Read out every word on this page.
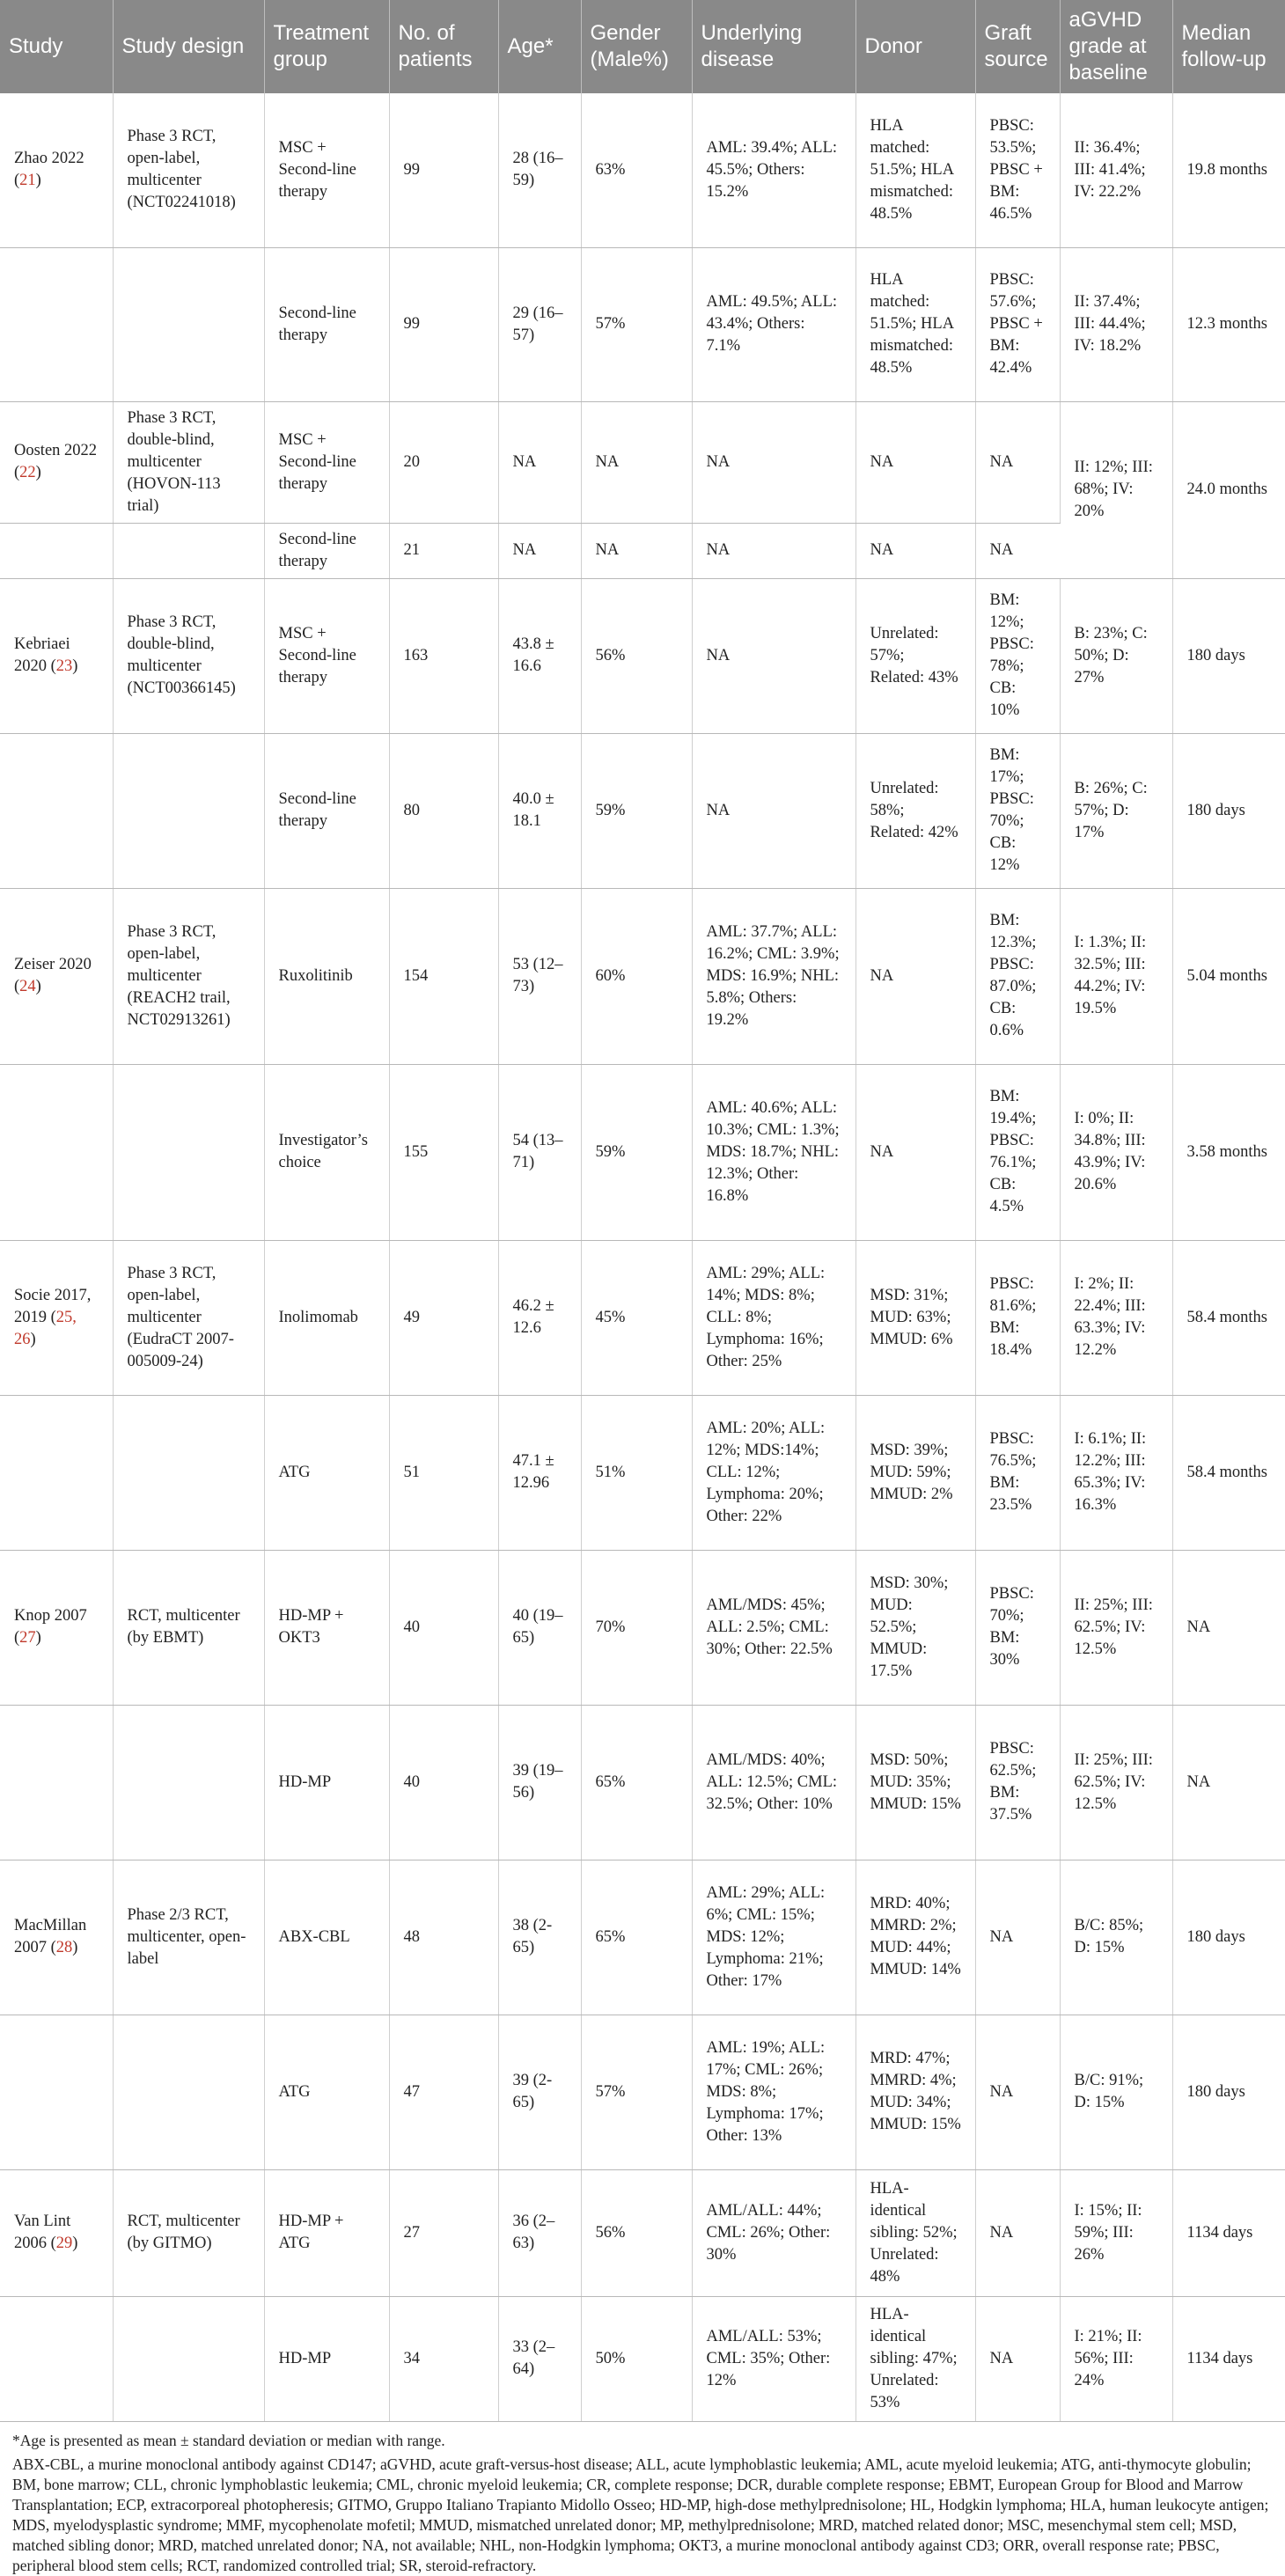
Study	Study design	Treatment group	No. of patients	Age*	Gender (Male%)	Underlying disease	Donor	Graft source	aGVHD grade at baseline	Median follow-up
Zhao 2022 (21)	Phase 3 RCT, open-label, multicenter (NCT02241018)	MSC + Second-line therapy	99	28 (16–59)	63%	AML: 39.4%; ALL: 45.5%; Others: 15.2%	HLA matched: 51.5%; HLA mismatched: 48.5%	PBSC: 53.5%; PBSC + BM: 46.5%	II: 36.4%; III: 41.4%; IV: 22.2%	19.8 months
		Second-line therapy	99	29 (16–57)	57%	AML: 49.5%; ALL: 43.4%; Others: 7.1%	HLA matched: 51.5%; HLA mismatched: 48.5%	PBSC: 57.6%; PBSC + BM: 42.4%	II: 37.4%; III: 44.4%; IV: 18.2%	12.3 months
Oosten 2022 (22)	Phase 3 RCT, double-blind, multicenter (HOVON-113 trial)	MSC + Second-line therapy	20	NA	NA	NA	NA	NA	II: 12%; III: 68%; IV: 20%	24.0 months
		Second-line therapy	21	NA	NA	NA	NA	NA		
Kebriaei 2020 (23)	Phase 3 RCT, double-blind, multicenter (NCT00366145)	MSC + Second-line therapy	163	43.8 ± 16.6	56%	NA	Unrelated: 57%; Related: 43%	BM: 12%; PBSC: 78%; CB: 10%	B: 23%; C: 50%; D: 27%	180 days
		Second-line therapy	80	40.0 ± 18.1	59%	NA	Unrelated: 58%; Related: 42%	BM: 17%; PBSC: 70%; CB: 12%	B: 26%; C: 57%; D: 17%	180 days
Zeiser 2020 (24)	Phase 3 RCT, open-label, multicenter (REACH2 trail, NCT02913261)	Ruxolitinib	154	53 (12–73)	60%	AML: 37.7%; ALL: 16.2%; CML: 3.9%; MDS: 16.9%; NHL: 5.8%; Others: 19.2%	NA	BM: 12.3%; PBSC: 87.0%; CB: 0.6%	I: 1.3%; II: 32.5%; III: 44.2%; IV: 19.5%	5.04 months
		Investigator’s choice	155	54 (13–71)	59%	AML: 40.6%; ALL: 10.3%; CML: 1.3%; MDS: 18.7%; NHL: 12.3%; Other: 16.8%	NA	BM: 19.4%; PBSC: 76.1%; CB: 4.5%	I: 0%; II: 34.8%; III: 43.9%; IV: 20.6%	3.58 months
Socie 2017, 2019 (25, 26)	Phase 3 RCT, open-label, multicenter (EudraCT 2007-005009-24)	Inolimomab	49	46.2 ± 12.6	45%	AML: 29%; ALL: 14%; MDS: 8%; CLL: 8%; Lymphoma: 16%; Other: 25%	MSD: 31%; MUD: 63%; MMUD: 6%	PBSC: 81.6%; BM: 18.4%	I: 2%; II: 22.4%; III: 63.3%; IV: 12.2%	58.4 months
		ATG	51	47.1 ± 12.96	51%	AML: 20%; ALL: 12%; MDS:14%; CLL: 12%; Lymphoma: 20%; Other: 22%	MSD: 39%; MUD: 59%; MMUD: 2%	PBSC: 76.5%; BM: 23.5%	I: 6.1%; II: 12.2%; III: 65.3%; IV: 16.3%	58.4 months
Knop 2007 (27)	RCT, multicenter (by EBMT)	HD-MP + OKT3	40	40 (19–65)	70%	AML/MDS: 45%; ALL: 2.5%; CML: 30%; Other: 22.5%	MSD: 30%; MUD: 52.5%; MMUD: 17.5%	PBSC: 70%; BM: 30%	II: 25%; III: 62.5%; IV: 12.5%	NA
		HD-MP	40	39 (19–56)	65%	AML/MDS: 40%; ALL: 12.5%; CML: 32.5%; Other: 10%	MSD: 50%; MUD: 35%; MMUD: 15%	PBSC: 62.5%; BM: 37.5%	II: 25%; III: 62.5%; IV: 12.5%	NA
MacMillan 2007 (28)	Phase 2/3 RCT, multicenter, open-label	ABX-CBL	48	38 (2-65)	65%	AML: 29%; ALL: 6%; CML: 15%; MDS: 12%; Lymphoma: 21%; Other: 17%	MRD: 40%; MMRD: 2%; MUD: 44%; MMUD: 14%	NA	B/C: 85%; D: 15%	180 days
		ATG	47	39 (2-65)	57%	AML: 19%; ALL: 17%; CML: 26%; MDS: 8%; Lymphoma: 17%; Other: 13%	MRD: 47%; MMRD: 4%; MUD: 34%; MMUD: 15%	NA	B/C: 91%; D: 15%	180 days
Van Lint 2006 (29)	RCT, multicenter (by GITMO)	HD-MP + ATG	27	36 (2–63)	56%	AML/ALL: 44%; CML: 26%; Other: 30%	HLA-identical sibling: 52%; Unrelated: 48%	NA	I: 15%; II: 59%; III: 26%	1134 days
		HD-MP	34	33 (2–64)	50%	AML/ALL: 53%; CML: 35%; Other: 12%	HLA-identical sibling: 47%; Unrelated: 53%	NA	I: 21%; II: 56%; III: 24%	1134 days

*Age is presented as mean ± standard deviation or median with range.

ABX-CBL, a murine monoclonal antibody against CD147; aGVHD, acute graft-versus-host disease; ALL, acute lymphoblastic leukemia; AML, acute myeloid leukemia; ATG, anti-thymocyte globulin; BM, bone marrow; CLL, chronic lymphoblastic leukemia; CML, chronic myeloid leukemia; CR, complete response; DCR, durable complete response; EBMT, European Group for Blood and Marrow Transplantation; ECP, extracorporeal photopheresis; GITMO, Gruppo Italiano Trapianto Midollo Osseo; HD-MP, high-dose methylprednisolone; HL, Hodgkin lymphoma; HLA, human leukocyte antigen; MDS, myelodysplastic syndrome; MMF, mycophenolate mofetil; MMUD, mismatched unrelated donor; MP, methylprednisolone; MRD, matched related donor; MSC, mesenchymal stem cell; MSD, matched sibling donor; MRD, matched unrelated donor; NA, not available; NHL, non-Hodgkin lymphoma; OKT3, a murine monoclonal antibody against CD3; ORR, overall response rate; PBSC, peripheral blood stem cells; RCT, randomized controlled trial; SR, steroid-refractory.
